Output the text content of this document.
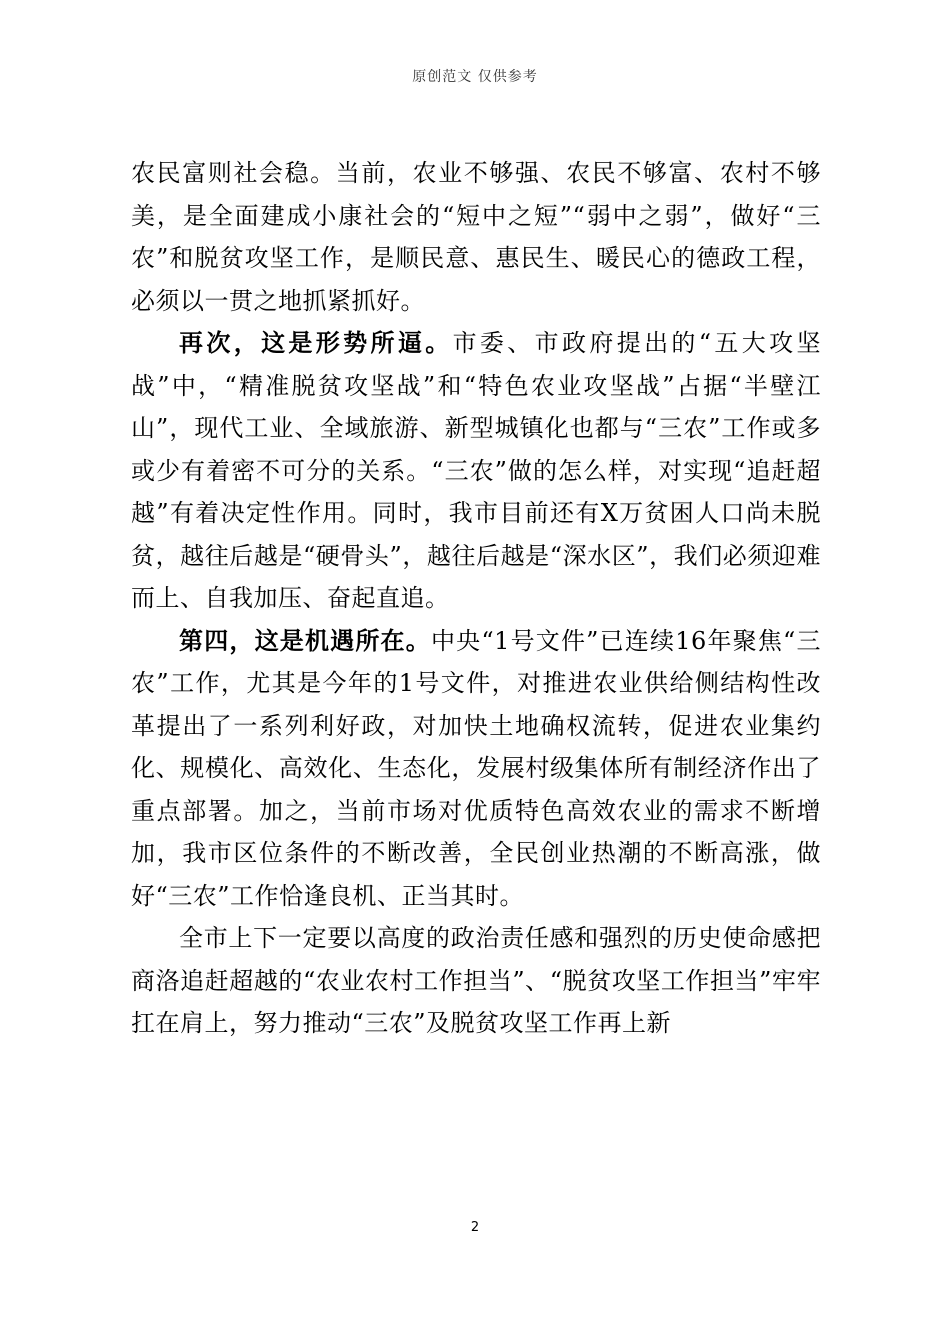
原创范文 仅供参考

农民富则社会稳。当前，农业不够强、农民不够富、农村不够美，是全面建成小康社会的“短中之短”“弱中之弱”，做好“三农”和脱贫攻坚工作，是顺民意、惠民生、暖民心的德政工程，必须以一贯之地抓紧抓好。

再次，这是形势所逼。市委、市政府提出的“五大攻坚战”中，“精准脱贫攻坚战”和“特色农业攻坚战”占据“半壁江山”，现代工业、全域旅游、新型城镇化也都与“三农”工作或多或少有着密不可分的关系。“三农”做的怎么样，对实现“追赶超越”有着决定性作用。同时，我市目前还有X万贫困人口尚未脱贫，越往后越是“硬骨头”，越往后越是“深水区”，我们必须迎难而上、自我加压、奋起直追。

第四，这是机遇所在。中央“1号文件”已连续16年聚焦“三农”工作，尤其是今年的1号文件，对推进农业供给侧结构性改革提出了一系列利好政，对加快土地确权流转，促进农业集约化、规模化、高效化、生态化，发展村级集体所有制经济作出了重点部署。加之，当前市场对优质特色高效农业的需求不断增加，我市区位条件的不断改善，全民创业热潮的不断高涨，做好“三农”工作恰逢良机、正当其时。

全市上下一定要以高度的政治责任感和强烈的历史使命感把商洛追赶超越的“农业农村工作担当”、“脱贫攻坚工作担当”牢牢扛在肩上，努力推动“三农”及脱贫攻坚工作再上新

2
